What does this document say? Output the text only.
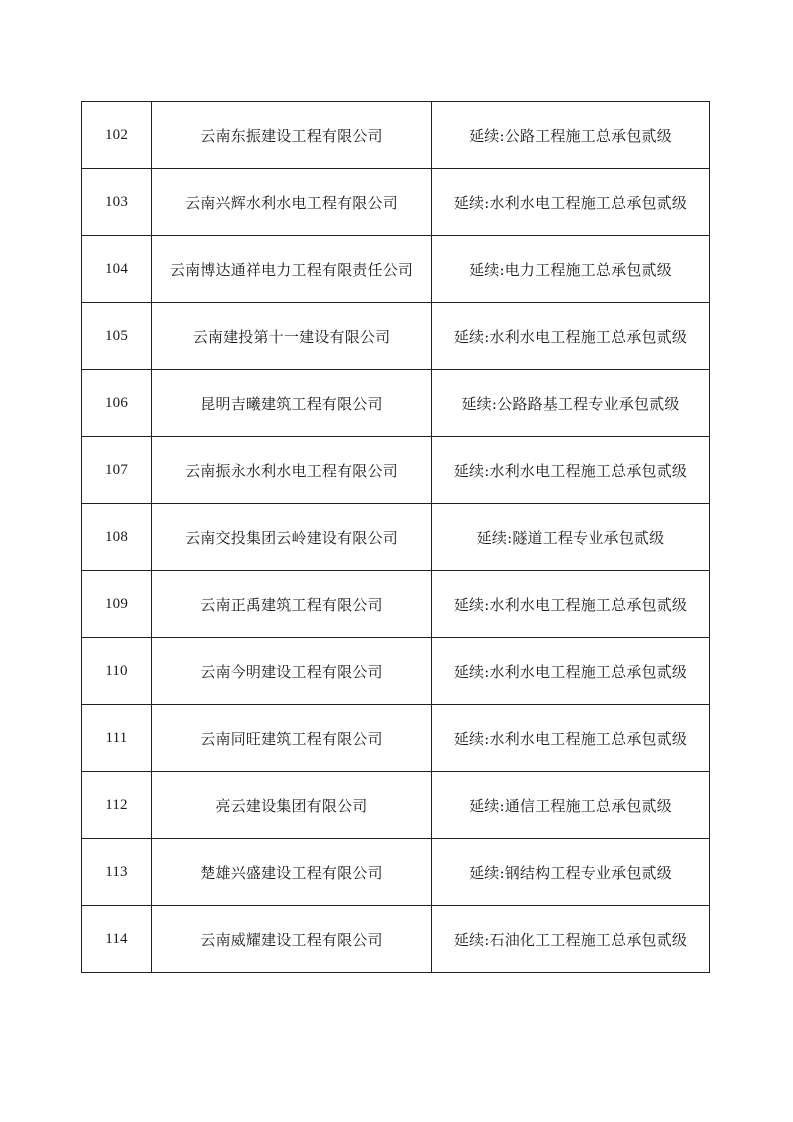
102	云南东振建设工程有限公司	延续:公路工程施工总承包贰级
103	云南兴辉水利水电工程有限公司	延续:水利水电工程施工总承包贰级
104	云南博达通祥电力工程有限责任公司	延续:电力工程施工总承包贰级
105	云南建投第十一建设有限公司	延续:水利水电工程施工总承包贰级
106	昆明吉曦建筑工程有限公司	延续:公路路基工程专业承包贰级
107	云南振永水利水电工程有限公司	延续:水利水电工程施工总承包贰级
108	云南交投集团云岭建设有限公司	延续:隧道工程专业承包贰级
109	云南正禹建筑工程有限公司	延续:水利水电工程施工总承包贰级
110	云南今明建设工程有限公司	延续:水利水电工程施工总承包贰级
111	云南同旺建筑工程有限公司	延续:水利水电工程施工总承包贰级
112	亮云建设集团有限公司	延续:通信工程施工总承包贰级
113	楚雄兴盛建设工程有限公司	延续:钢结构工程专业承包贰级
114	云南威耀建设工程有限公司	延续:石油化工工程施工总承包贰级
